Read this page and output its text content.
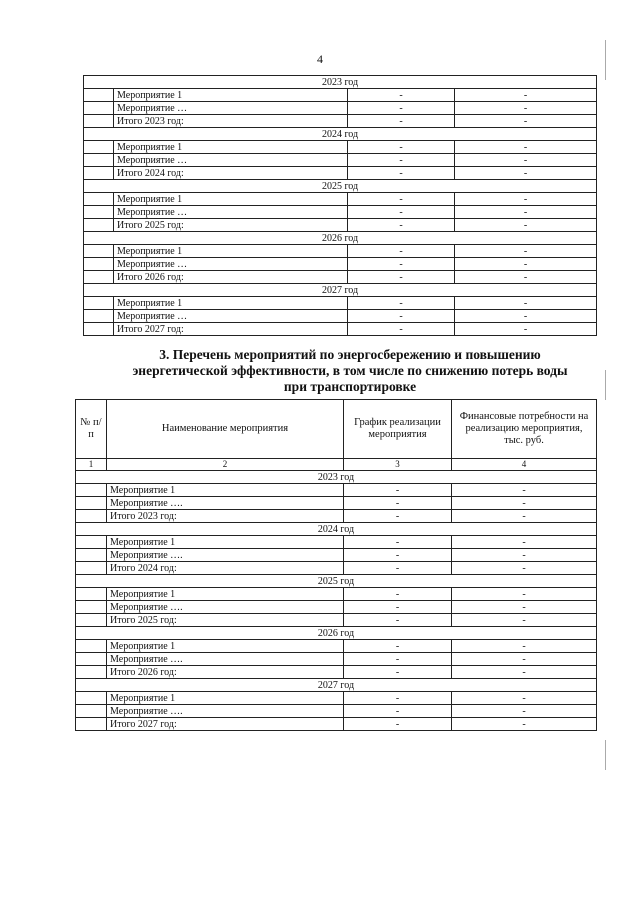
4
2023 год			
	Мероприятие 1	-	-
	Мероприятие …	-	-
	Итого 2023 год:	-	-
2024 год			
	Мероприятие 1	-	-
	Мероприятие …	-	-
	Итого 2024 год:	-	-
2025 год			
	Мероприятие 1	-	-
	Мероприятие …	-	-
	Итого 2025 год:	-	-
2026 год			
	Мероприятие 1	-	-
	Мероприятие …	-	-
	Итого 2026 год:	-	-
2027 год			
	Мероприятие 1	-	-
	Мероприятие …	-	-
	Итого 2027 год:	-	-
3. Перечень мероприятий по энергосбережению и повышению
энергетической эффективности, в том числе по снижению потерь воды
при транспортировке
№ п/п	Наименование мероприятия	График реализации мероприятия	Финансовые потребности на реализацию мероприятия, тыс. руб.
1	2	3	4
2023 год			
	Мероприятие 1	-	-
	Мероприятие ….	-	-
	Итого 2023 год:	-	-
2024 год			
	Мероприятие 1	-	-
	Мероприятие ….	-	-
	Итого 2024 год:	-	-
2025 год			
	Мероприятие 1	-	-
	Мероприятие ….	-	-
	Итого 2025 год:	-	-
2026 год			
	Мероприятие 1	-	-
	Мероприятие ….	-	-
	Итого 2026 год:	-	-
2027 год			
	Мероприятие 1	-	-
	Мероприятие ….	-	-
	Итого 2027 год:	-	-
